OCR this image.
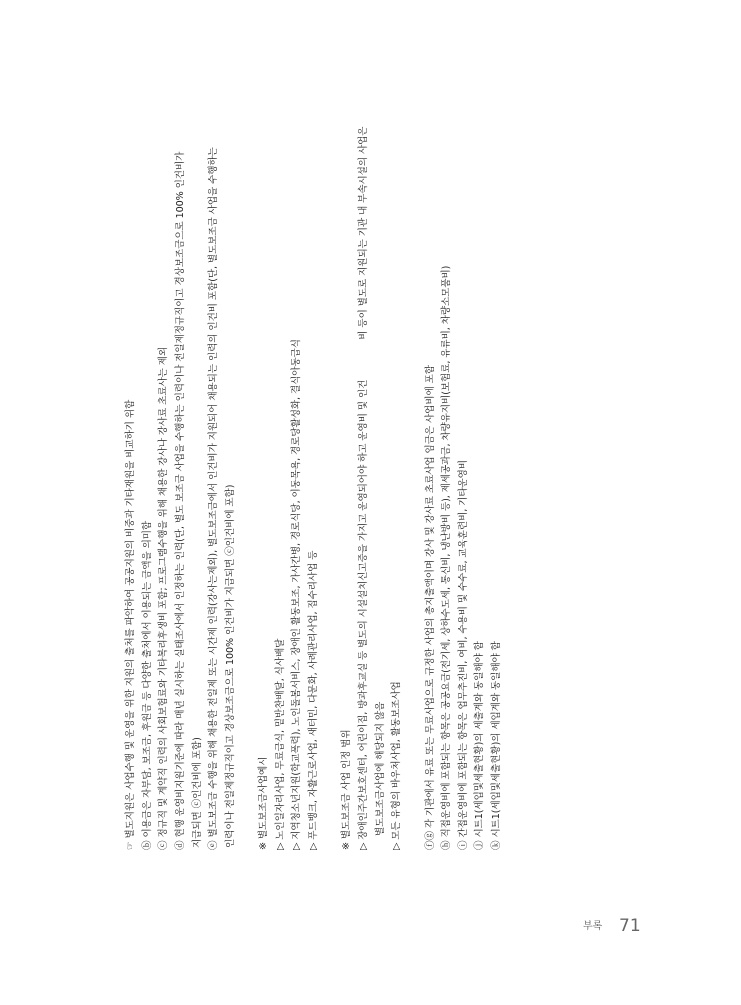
☞ 별도지원은 사업수행 및 운영을 위한 지원의 출처를 파악하여 공공지원의 비중과 기타재원을 비교하기 위함 ⓑ 이용금은 자부담, 보조금, 후원금 등 다양한 출처에서 이용되는 금액을 의미함 ⓒ 정규직 및 계약직 인력의 사회보험료와 기타복리후생비 포함; 프로그램수행을 위해 채용한 강사나 강사료 초료사는 제외 ⓓ 현행 운영비지원기준에 따라 매년 실시하는 실태조사에서 인정하는 인력(단, 별도 보조금 사업을 수행하는 인력이나 전일제정규직이고 경상보조금으로 100% 인건비가 지급되면 ⓒ인건비에 포함) ⓔ 별도보조금 수행을 위해 채용한 전일제 또는 시간제 인력(강사는제외), 별도보조금에서 인건비가 지원되어 채용되는 인력의 인건비 포함(단, 별도보조금 사업을 수행하는 인력이나 전일제정규직이고 경상보조금으로 100% 인건비가 지급되면 ⓒ인건비에 포함)	※ 별도보조금사업예시 ▷ 노인일자리사업, 무료급식, 밑반찬배달, 식사배달 ▷ 지역청소년지원(학교폭력), 노인돌봄서비스, 장애인 활동보조, 가사간병, 경로식당, 이동목욕, 경로당활성화, 결식아동급식 ▷ 푸드뱅크, 자활근로사업, 새터민, 다문화, 사례관리사업, 집수리사업 등	※ 별도보조금 사업 인정 범위 ▷ 장애인주간보호센터, 어린이집, 방과후교실 등 별도의 시설설치신고증을 가지고 운영되어야 하고 운영비 및 인건비 등이 별도로 지원되는 기관 내 부속시설의 사업은
별도보조금사업에 해당되지 않음 ▷ 모든 유형의 바우처사업, 활동보조사업	ⓕⓖ 각 기관에서 유료 또는 무료사업으로 규정한 사업의 총지출액이며 강사 및 강사료 초료사업 임금은 사업비에 포함 ⓗ 직접운영비에 포함되는 항목은 공공요금(전기세, 상하수도세, 통신비, 냉난방비 등), 제세공과금, 차량유지비(보험료, 유류비, 차량소모품비) ⓘ 간접운영비에 포함되는 항목은 업무추진비, 여비, 수용비 및 수수료, 교육훈련비, 기타운영비 ⓙ 시트1(세입및세출현황)의 세출계와 동일해야 함 ⓚ 시트1(세입및세출현황)의 세입계와 동일해야 함
부록 71
